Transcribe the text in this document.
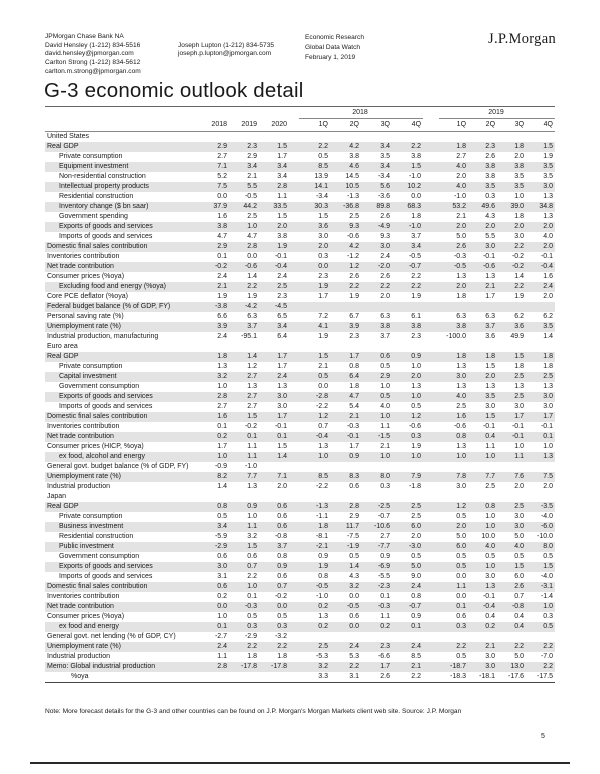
JPMorgan Chase Bank NA
David Hensley (1-212) 834-5516
david.hensley@jpmorgan.com
Carlton Strong (1-212) 834-5612
carlton.m.strong@jpmorgan.com
Joseph Lupton (1-212) 834-5735
joseph.p.lupton@jpmorgan.com
Economic Research
Global Data Watch
February 1, 2019
J.P.Morgan
G-3 economic outlook detail
					2018					2019			
	2018	2019	2020		1Q	2Q	3Q	4Q		1Q	2Q	3Q	4Q
United States													
Real GDP	2.9	2.3	1.5		2.2	4.2	3.4	2.2		1.8	2.3	1.8	1.5
Private consumption	2.7	2.9	1.7		0.5	3.8	3.5	3.8		2.7	2.6	2.0	1.9
Equipment investment	7.1	3.4	3.4		8.5	4.6	3.4	1.5		4.0	3.8	3.8	3.5
Non-residential construction	5.2	2.1	3.4		13.9	14.5	-3.4	-1.0		2.0	3.8	3.5	3.5
Intellectual property products	7.5	5.5	2.8		14.1	10.5	5.6	10.2		4.0	3.5	3.5	3.0
Residential construction	0.0	-0.5	1.1		-3.4	-1.3	-3.6	0.0		-1.0	0.3	1.0	1.3
Inventory change ($ bn saar)	37.9	44.2	33.5		30.3	-36.8	89.8	68.3		53.2	49.6	39.0	34.8
Government spending	1.6	2.5	1.5		1.5	2.5	2.6	1.8		2.1	4.3	1.8	1.3
Exports of goods and services	3.8	1.0	2.0		3.6	9.3	-4.9	-1.0		2.0	2.0	2.0	2.0
Imports of goods and services	4.7	4.7	3.8		3.0	-0.6	9.3	3.7		5.0	5.5	3.0	4.0
Domestic final sales contribution	2.9	2.8	1.9		2.0	4.2	3.0	3.4		2.6	3.0	2.2	2.0
Inventories contribution	0.1	0.0	-0.1		0.3	-1.2	2.4	-0.5		-0.3	-0.1	-0.2	-0.1
Net trade contribution	-0.2	-0.6	-0.4		0.0	1.2	-2.0	-0.7		-0.5	-0.6	-0.2	-0.4
Consumer prices (%oya)	2.4	1.4	2.4		2.3	2.6	2.6	2.2		1.3	1.3	1.4	1.6
Excluding food and energy (%oya)	2.1	2.2	2.5		1.9	2.2	2.2	2.2		2.0	2.1	2.2	2.4
Core PCE deflator (%oya)	1.9	1.9	2.3		1.7	1.9	2.0	1.9		1.8	1.7	1.9	2.0
Federal budget balance (% of GDP, FY)	-3.8	-4.2	-4.5										
Personal saving rate (%)	6.6	6.3	6.5		7.2	6.7	6.3	6.1		6.3	6.3	6.2	6.2
Unemployment rate (%)	3.9	3.7	3.4		4.1	3.9	3.8	3.8		3.8	3.7	3.6	3.5
Industrial production, manufacturing	2.4	-95.1	6.4		1.9	2.3	3.7	2.3		-100.0	3.6	49.9	1.4
Euro area													
Real GDP	1.8	1.4	1.7		1.5	1.7	0.6	0.9		1.8	1.8	1.5	1.8
Private consumption	1.3	1.2	1.7		2.1	0.8	0.5	1.0		1.3	1.5	1.8	1.8
Capital investment	3.2	2.7	2.4		0.5	6.4	2.9	2.0		3.0	2.0	2.5	2.5
Government consumption	1.0	1.3	1.3		0.0	1.8	1.0	1.3		1.3	1.3	1.3	1.3
Exports of goods and services	2.8	2.7	3.0		-2.8	4.7	0.5	1.0		4.0	3.5	2.5	3.0
Imports of goods and services	2.7	2.7	3.0		-2.2	5.4	4.0	0.5		2.5	3.0	3.0	3.0
Domestic final sales contribution	1.6	1.5	1.7		1.2	2.1	1.0	1.2		1.6	1.5	1.7	1.7
Inventories contribution	0.1	-0.2	-0.1		0.7	-0.3	1.1	-0.6		-0.6	-0.1	-0.1	-0.1
Net trade contribution	0.2	0.1	0.1		-0.4	-0.1	-1.5	0.3		0.8	0.4	-0.1	0.1
Consumer prices (HICP, %oya)	1.7	1.1	1.5		1.3	1.7	2.1	1.9		1.3	1.1	1.0	1.0
ex food, alcohol and energy	1.0	1.1	1.4		1.0	0.9	1.0	1.0		1.0	1.0	1.1	1.3
General govt. budget balance (% of GDP, FY)	-0.9	-1.0											
Unemployment rate (%)	8.2	7.7	7.1		8.5	8.3	8.0	7.9		7.8	7.7	7.6	7.5
Industrial production	1.4	1.3	2.0		-2.2	0.6	0.3	-1.8		3.0	2.5	2.0	2.0
Japan													
Real GDP	0.8	0.9	0.6		-1.3	2.8	-2.5	2.5		1.2	0.8	2.5	-3.5
Private consumption	0.5	1.0	0.6		-1.1	2.9	-0.7	2.5		0.5	1.0	3.0	-4.0
Business investment	3.4	1.1	0.6		1.8	11.7	-10.6	6.0		2.0	1.0	3.0	-6.0
Residential construction	-5.9	3.2	-0.8		-8.1	-7.5	2.7	2.0		5.0	10.0	5.0	-10.0
Public investment	-2.9	1.5	3.7		-2.1	-1.9	-7.7	-3.0		6.0	4.0	4.0	8.0
Government consumption	0.6	0.6	0.8		0.9	0.5	0.9	0.5		0.5	0.5	0.5	0.5
Exports of goods and services	3.0	0.7	0.9		1.9	1.4	-6.9	5.0		0.5	1.0	1.5	1.5
Imports of goods and services	3.1	2.2	0.6		0.8	4.3	-5.5	9.0		0.0	3.0	6.0	-4.0
Domestic final sales contribution	0.6	1.0	0.7		-0.5	3.2	-2.3	2.4		1.1	1.3	2.6	-3.1
Inventories contribution	0.2	0.1	-0.2		-1.0	0.0	0.1	0.8		0.0	-0.1	0.7	-1.4
Net trade contribution	0.0	-0.3	0.0		0.2	-0.5	-0.3	-0.7		0.1	-0.4	-0.8	1.0
Consumer prices (%oya)	1.0	0.5	0.5		1.3	0.6	1.1	0.9		0.6	0.4	0.4	0.3
ex food and energy	0.1	0.3	0.3		0.2	0.0	0.2	0.1		0.3	0.2	0.4	0.5
General govt. net lending (% of GDP, CY)	-2.7	-2.9	-3.2										
Unemployment rate (%)	2.4	2.2	2.2		2.5	2.4	2.3	2.4		2.2	2.1	2.2	2.2
Industrial production	1.1	1.8	1.8		-5.3	5.3	-6.6	8.5		0.5	3.0	5.0	-7.0
Memo: Global industrial production	2.8	-17.8	-17.8		3.2	2.2	1.7	2.1		-18.7	3.0	13.0	2.2
%oya					3.3	3.1	2.6	2.2		-18.3	-18.1	-17.6	-17.5
Note: More forecast details for the G-3 and other countries can be found on J.P. Morgan's Morgan Markets client web site. Source: J.P. Morgan
5
